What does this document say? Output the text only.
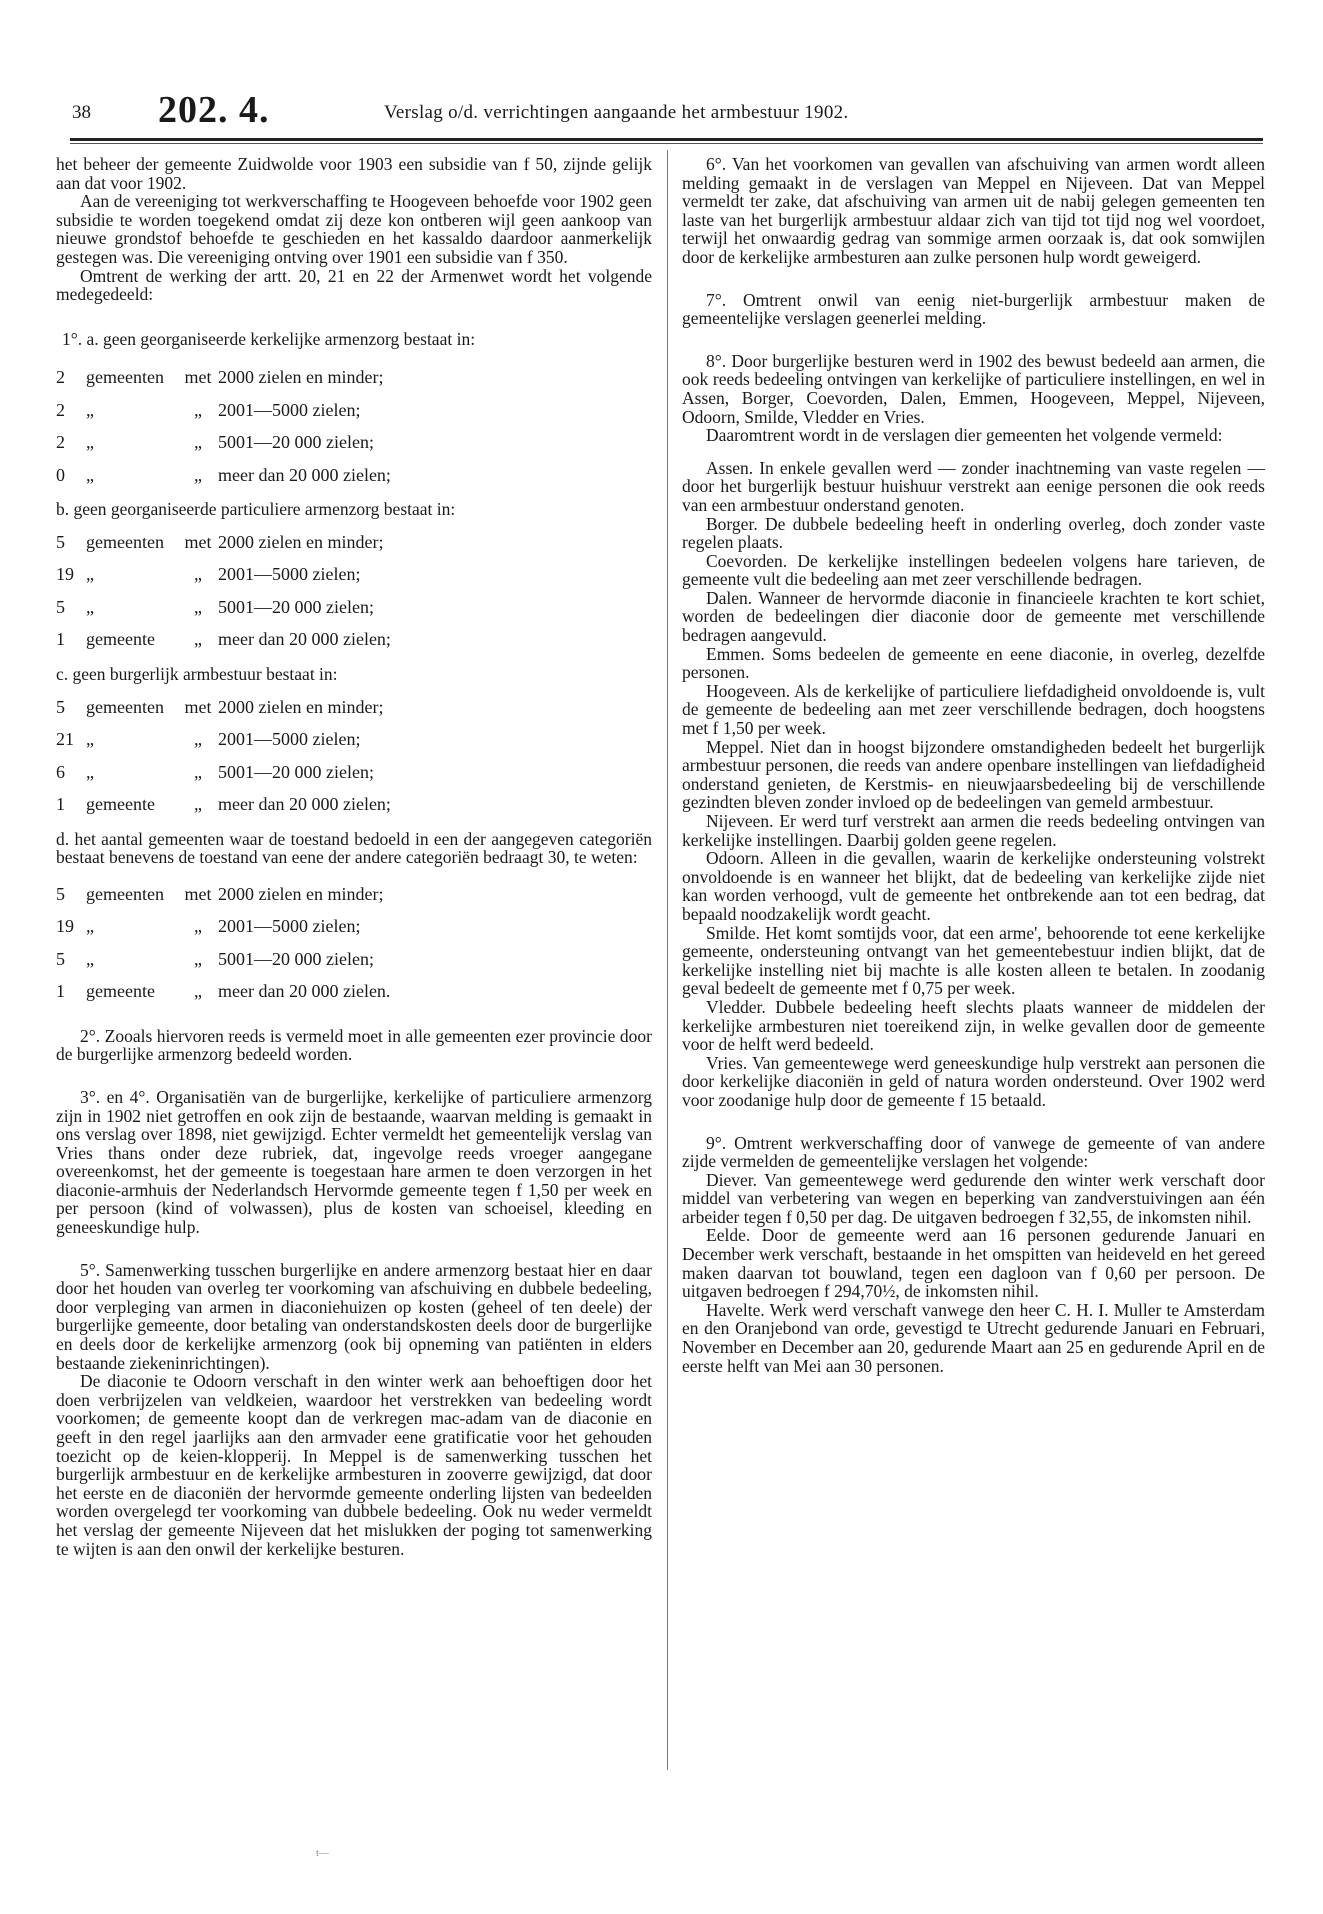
38 202. 4.	Verslag o/d. verrichtingen aangaande het armbestuur 1902.

het beheer der gemeente Zuidwolde voor 1903 een subsidie van f 50, zijnde gelijk aan dat voor 1902.

Aan de vereeniging tot werkverschaffing te Hoogeveen behoefde voor 1902 geen subsidie te worden toegekend omdat zij deze kon ontberen wijl geen aankoop van nieuwe grondstof behoefde te geschieden en het kassaldo daardoor aanmerkelijk gestegen was. Die vereeniging ontving over 1901 een subsidie van f 350.

Omtrent de werking der artt. 20, 21 en 22 der Armenwet wordt het volgende medegedeeld:

1°. a. geen georganiseerde kerkelijke armenzorg bestaat in:

2	gemeenten	met 2000 zielen en minder;
2	„	„ 2001—5000 zielen;
2	„	„ 5001—20 000 zielen;
0	„	„ meer dan 20 000 zielen;

b. geen georganiseerde particuliere armenzorg bestaat in:

5	gemeenten	met 2000 zielen en minder;
19 „	„ 2001—5000 zielen;
5	„	„ 5001—20 000 zielen;
1	gemeente	„ meer dan 20 000 zielen;

c. geen burgerlijk armbestuur bestaat in:

5	gemeenten	met 2000 zielen en minder;
21 „	„ 2001—5000 zielen;
6	„	„ 5001—20 000 zielen;
1	gemeente	„ meer dan 20 000 zielen;

d. het aantal gemeenten waar de toestand bedoeld in een der aangegeven categoriën bestaat benevens de toestand van eene der andere categoriën bedraagt 30, te weten:

5	gemeenten	met 2000 zielen en minder;
19 „	„ 2001—5000 zielen;
5	„	„ 5001—20 000 zielen;
1	gemeente	„ meer dan 20 000 zielen.

2°. Zooals hiervoren reeds is vermeld moet in alle gemeenten ezer provincie door de burgerlijke armenzorg bedeeld worden.

3°. en 4°. Organisatiën van de burgerlijke, kerkelijke of particuliere armenzorg zijn in 1902 niet getroffen en ook zijn de bestaande, waarvan melding is gemaakt in ons verslag over 1898, niet gewijzigd. Echter vermeldt het gemeentelijk verslag van Vries thans onder deze rubriek, dat, ingevolge reeds vroeger aangegane overeenkomst, het der gemeente is toegestaan hare armen te doen verzorgen in het diaconie-armhuis der Nederlandsch Hervormde gemeente tegen f 1,50 per week en per persoon (kind of volwassen), plus de kosten van schoeisel, kleeding en geneeskundige hulp.

5°. Samenwerking tusschen burgerlijke en andere armenzorg bestaat hier en daar door het houden van overleg ter voorkoming van afschuiving en dubbele bedeeling, door verpleging van armen in diaconiehuizen op kosten (geheel of ten deele) der burgerlijke gemeente, door betaling van onderstandskosten deels door de burgerlijke en deels door de kerkelijke armenzorg (ook bij opneming van patiënten in elders bestaande ziekeninrichtingen).

De diaconie te Odoorn verschaft in den winter werk aan behoeftigen door het doen verbrijzelen van veldkeien, waardoor het verstrekken van bedeeling wordt voorkomen; de gemeente koopt dan de verkregen mac-adam van de diaconie en geeft in den regel jaarlijks aan den armvader eene gratificatie voor het gehouden toezicht op de keien-klopperij. In Meppel is de samenwerking tusschen het burgerlijk armbestuur en de kerkelijke armbesturen in zooverre gewijzigd, dat door het eerste en de diaconiën der hervormde gemeente onderling lijsten van bedeelden worden overgelegd ter voorkoming van dubbele bedeeling. Ook nu weder vermeldt het verslag der gemeente Nijeveen dat het mislukken der poging tot samenwerking te wijten is aan den onwil der kerkelijke besturen.

6°. Van het voorkomen van gevallen van afschuiving van armen wordt alleen melding gemaakt in de verslagen van Meppel en Nijeveen. Dat van Meppel vermeldt ter zake, dat afschuiving van armen uit de nabij gelegen gemeenten ten laste van het burgerlijk armbestuur aldaar zich van tijd tot tijd nog wel voordoet, terwijl het onwaardig gedrag van sommige armen oorzaak is, dat ook somwijlen door de kerkelijke armbesturen aan zulke personen hulp wordt geweigerd.

7°. Omtrent onwil van eenig niet-burgerlijk armbestuur maken de gemeentelijke verslagen geenerlei melding.

8°. Door burgerlijke besturen werd in 1902 des bewust bedeeld aan armen, die ook reeds bedeeling ontvingen van kerkelijke of particuliere instellingen, en wel in Assen, Borger, Coevorden, Dalen, Emmen, Hoogeveen, Meppel, Nijeveen, Odoorn, Smilde, Vledder en Vries.

Daaromtrent wordt in de verslagen dier gemeenten het volgende vermeld:

Assen. In enkele gevallen werd — zonder inachtneming van vaste regelen — door het burgerlijk bestuur huishuur verstrekt aan eenige personen die ook reeds van een armbestuur onderstand genoten.

Borger. De dubbele bedeeling heeft in onderling overleg, doch zonder vaste regelen plaats.

Coevorden. De kerkelijke instellingen bedeelen volgens hare tarieven, de gemeente vult die bedeeling aan met zeer verschillende bedragen.

Dalen. Wanneer de hervormde diaconie in financieele krachten te kort schiet, worden de bedeelingen dier diaconie door de gemeente met verschillende bedragen aangevuld.

Emmen. Soms bedeelen de gemeente en eene diaconie, in overleg, dezelfde personen.

Hoogeveen. Als de kerkelijke of particuliere liefdadigheid onvoldoende is, vult de gemeente de bedeeling aan met zeer verschillende bedragen, doch hoogstens met f 1,50 per week.

Meppel. Niet dan in hoogst bijzondere omstandigheden bedeelt het burgerlijk armbestuur personen, die reeds van andere openbare instellingen van liefdadigheid onderstand genieten, de Kerstmis- en nieuwjaarsbedeeling bij de verschillende gezindten bleven zonder invloed op de bedeelingen van gemeld armbestuur.

Nijeveen. Er werd turf verstrekt aan armen die reeds bedeeling ontvingen van kerkelijke instellingen. Daarbij golden geene regelen.

Odoorn. Alleen in die gevallen, waarin de kerkelijke ondersteuning volstrekt onvoldoende is en wanneer het blijkt, dat de bedeeling van kerkelijke zijde niet kan worden verhoogd, vult de gemeente het ontbrekende aan tot een bedrag, dat bepaald noodzakelijk wordt geacht.

Smilde. Het komt somtijds voor, dat een arme', behoorende tot eene kerkelijke gemeente, ondersteuning ontvangt van het gemeentebestuur indien blijkt, dat de kerkelijke instelling niet bij machte is alle kosten alleen te betalen. In zoodanig geval bedeelt de gemeente met f 0,75 per week.

Vledder. Dubbele bedeeling heeft slechts plaats wanneer de middelen der kerkelijke armbesturen niet toereikend zijn, in welke gevallen door de gemeente voor de helft werd bedeeld.

Vries. Van gemeentewege werd geneeskundige hulp verstrekt aan personen die door kerkelijke diaconiën in geld of natura worden ondersteund. Over 1902 werd voor zoodanige hulp door de gemeente f 15 betaald.

9°. Omtrent werkverschaffing door of vanwege de gemeente of van andere zijde vermelden de gemeentelijke verslagen het volgende:

Diever. Van gemeentewege werd gedurende den winter werk verschaft door middel van verbetering van wegen en beperking van zandverstuivingen aan één arbeider tegen f 0,50 per dag. De uitgaven bedroegen f 32,55, de inkomsten nihil.

Eelde. Door de gemeente werd aan 16 personen gedurende Januari en December werk verschaft, bestaande in het omspitten van heideveld en het gereed maken daarvan tot bouwland, tegen een dagloon van f 0,60 per persoon. De uitgaven bedroegen f 294,70½, de inkomsten nihil.

Havelte. Werk werd verschaft vanwege den heer C. H. I. Muller te Amsterdam en den Oranjebond van orde, gevestigd te Utrecht gedurende Januari en Februari, November en December aan 20, gedurende Maart aan 25 en gedurende April en de eerste helft van Mei aan 30 personen.

t—
